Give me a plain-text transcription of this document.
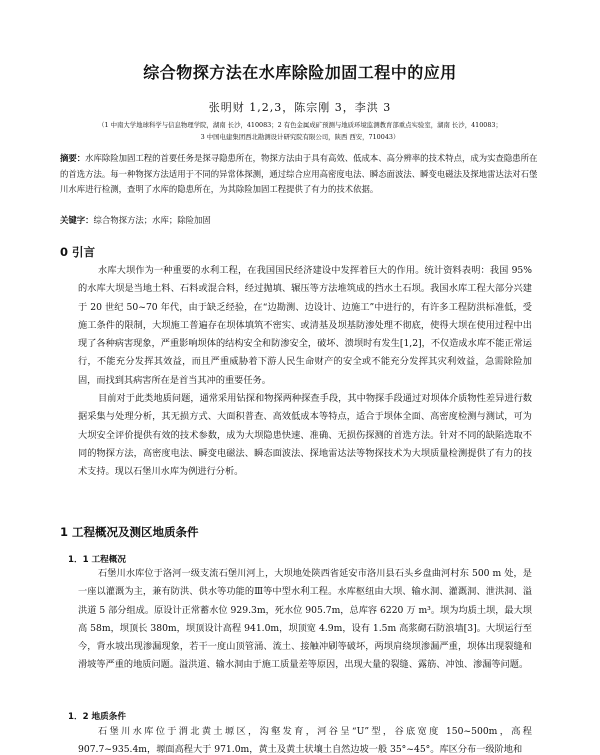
综合物探方法在水库除险加固工程中的应用
张明财 1,2,3，陈宗刚 3，李洪 3
（1 中南大学地球科学与信息物理学院，湖南 长沙，410083；2 有色金属成矿预测与地质环境监测教育部重点实验室，湖南 长沙，410083；
3 中国电建集团西北勘测设计研究院有限公司，陕西 西安，710043）
摘要：水库除险加固工程的首要任务是探寻隐患所在，物探方法由于具有高效、低成本、高分辨率的技术特点，成为实查隐患所在的首选方法。每一种物探方法适用于不同的异常体探测，通过综合应用高密度电法、瞬态面波法、瞬变电磁法及探地雷达法对石堡川水库进行检测，查明了水库的隐患所在，为其除险加固工程提供了有力的技术依据。
关键字：综合物探方法；水库；除险加固
0 引言

水库大坝作为一种重要的水利工程，在我国国民经济建设中发挥着巨大的作用。统计资料表明：我国 95%的水库大坝是当地土料、石料或混合料，经过抛填、辗压等方法堆筑成的挡水土石坝。我国水库工程大部分兴建于 20 世纪 50~70 年代，由于缺乏经验，在“边勘测、边设计、边施工”中进行的，有许多工程防洪标准低，受施工条件的限制，大坝施工普遍存在坝体填筑不密实、或清基及坝基防渗处理不彻底，使得大坝在使用过程中出现了各种病害现象，严重影响坝体的结构安全和防渗安全，破坏、溃坝时有发生[1,2]，不仅造成水库不能正常运行，不能充分发挥其效益，而且严重威胁着下游人民生命财产的安全或不能充分发挥其灾利效益，急需除险加固，而找到其病害所在是首当其冲的重要任务。

目前对于此类地质问题，通常采用钻探和物探两种探查手段，其中物探手段通过对坝体介质物性差异进行数据采集与处理分析，其无损方式、大面积普查、高效低成本等特点，适合于坝体全面、高密度检测与测试，可为大坝安全评价提供有效的技术参数，成为大坝隐患快速、准确、无损伤探测的首选方法。针对不同的缺陷选取不同的物探方法，高密度电法、瞬变电磁法、瞬态面波法、探地雷达法等物探技术为大坝质量检测提供了有力的技术支持。现以石堡川水库为例进行分析。

1 工程概况及测区地质条件
1．1 工程概况

石堡川水库位于洛河一级支流石堡川河上，大坝地处陕西省延安市洛川县石头乡盘曲河村东 500 m 处，是一座以灌溉为主，兼有防洪、供水等功能的Ⅲ等中型水利工程。水库枢纽由大坝、输水洞、灌溉洞、泄洪洞、溢洪道 5 部分组成。原设计正常蓄水位 929.3m，死水位 905.7m，总库容 6220 万 m³。坝为均质土坝，最大坝高 58m，坝顶长 380m，坝顶设计高程 941.0m，坝顶宽 4.9m，设有 1.5m 高浆砌石防浪墙[3]。大坝运行至今，背水坡出现渗漏现象，若干一度山顶管涌、流土、接触冲刷等破坏，两坝肩绕坝渗漏严重，坝体出现裂缝和滑坡等严重的地质问题。溢洪道、输水洞由于施工质量差等原因，出现大量的裂缝、露筋、冲蚀、渗漏等问题。

1．2 地质条件

石堡川水库位于渭北黄土塬区，沟壑发育，河谷呈“U”型，谷底宽度 150~500m，高程 907.7~935.4m，塬面高程大于 971.0m，黄土及黄土状壤土自然边坡一般 35°~45°。库区分布一级阶地和
